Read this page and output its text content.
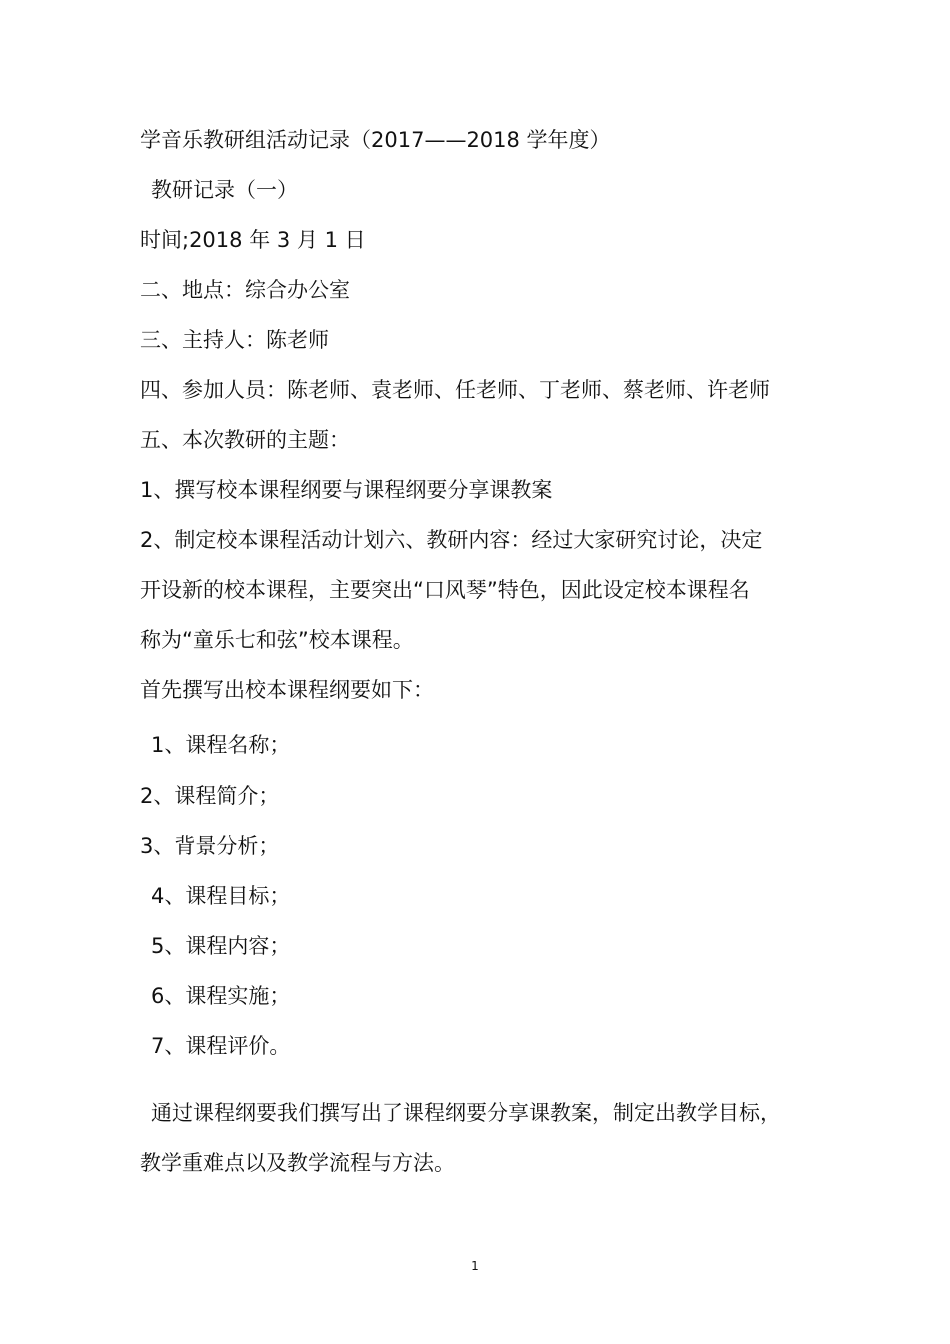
学音乐教研组活动记录（2017——2018 学年度）
教研记录（一）
时间;2018 年 3 月 1 日
二、地点：综合办公室
三、主持人：陈老师
四、参加人员：陈老师、袁老师、任老师、丁老师、蔡老师、许老师
五、本次教研的主题：
1、撰写校本课程纲要与课程纲要分享课教案
2、制定校本课程活动计划六、教研内容：经过大家研究讨论，决定
开设新的校本课程，主要突出“口风琴”特色，因此设定校本课程名
称为“童乐七和弦”校本课程。
首先撰写出校本课程纲要如下：
1、课程名称；
2、课程简介；
3、背景分析；
4、课程目标；
5、课程内容；
6、课程实施；
7、课程评价。
通过课程纲要我们撰写出了课程纲要分享课教案，制定出教学目标，
教学重难点以及教学流程与方法。
1
